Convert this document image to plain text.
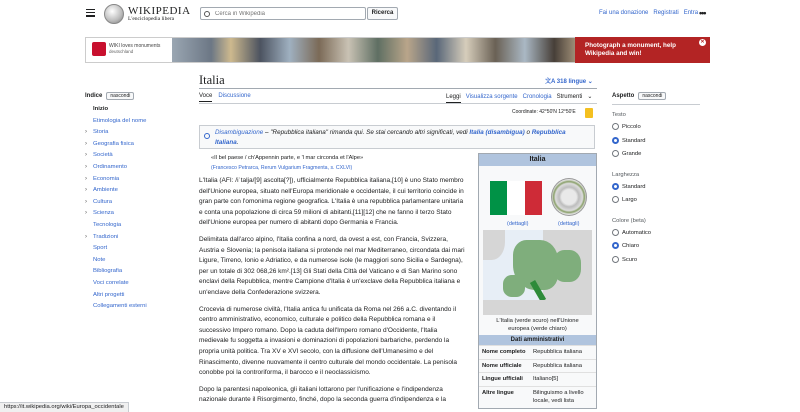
WIKIPEDIA
L'enciclopedia libera
Cerca in Wikipedia
Ricerca	Fai una donazione Registrati Entra •••
WIKI loves monuments
deutschland
Photograph a monument, help Wikipedia and win!
✕
Italia	文A 318 lingue ⌄
Voce Discussione	Leggi Visualizza sorgente Cronologia Strumenti ⌄
Coordinate: 42°50′N 12°50′E
Indice nascondi
Inizio
Etimologia del nome
› Storia
› Geografia fisica
› Società
› Ordinamento
› Economia
› Ambiente
› Cultura
› Scienza
Tecnologia
› Tradizioni
Sport
Note
Bibliografia
Voci correlate
Altri progetti
Collegamenti esterni
Aspetto nascondi
Testo
Piccolo
Standard
Grande
Larghezza
Standard
Largo
Colore (beta)
Automatico
Chiaro
Scuro
Disambiguazione – "Repubblica italiana" rimanda qui. Se stai cercando altri significati, vedi Italia (disambigua) o Repubblica Italiana.
«Il bel paese / ch'Appennin parte, e 'l mar circonda et l'Alpe»
(Francesco Petrarca, Rerum Vulgarium Fragmenta, s. CXLVI)

L'Italia (AFI: /iˈtalja/[9] ascolta[?]), ufficialmente Repubblica italiana,[10] è uno Stato membro dell'Unione europea, situato nell'Europa meridionale e occidentale, il cui territorio coincide in gran parte con l'omonima regione geografica. L'Italia è una repubblica parlamentare unitaria e conta una popolazione di circa 59 milioni di abitanti,[11][12] che ne fanno il terzo Stato dell'Unione europea per numero di abitanti dopo Germania e Francia.

Delimitata dall'arco alpino, l'Italia confina a nord, da ovest a est, con Francia, Svizzera, Austria e Slovenia; la penisola italiana si protende nel mar Mediterraneo, circondata dai mari Ligure, Tirreno, Ionio e Adriatico, e da numerose isole (le maggiori sono Sicilia e Sardegna), per un totale di 302 068,26 km².[13] Gli Stati della Città del Vaticano e di San Marino sono enclavi della Repubblica, mentre Campione d'Italia è un'exclave della Repubblica italiana e un'enclave della Confederazione svizzera.

Crocevia di numerose civiltà, l'Italia antica fu unificata da Roma nel 266 a.C. diventando il centro amministrativo, economico, culturale e politico della Repubblica romana e il successivo Impero romano. Dopo la caduta dell'Impero romano d'Occidente, l'Italia medievale fu soggetta a invasioni e dominazioni di popolazioni barbariche, perdendo la propria unità politica. Tra XV e XVI secolo, con la diffusione dell'Umanesimo e del Rinascimento, divenne nuovamente il centro culturale del mondo occidentale. La penisola conobbe poi la controriforma, il barocco e il neoclassicismo.

Dopo la parentesi napoleonica, gli italiani lottarono per l'unificazione e l'indipendenza nazionale durante il Risorgimento, finché, dopo la seconda guerra d'indipendenza e la

Italia
(dettagli)	(dettagli)
L'Italia (verde scuro) nell'Unione europea (verde chiaro)
Dati amministrativi
Nome completo	Repubblica italiana
Nome ufficiale	Repubblica italiana
Lingue ufficiali	Italiano[5]
Altre lingue	Bilinguismo a livello locale, vedi lista
https://it.wikipedia.org/wiki/Europa_occidentale
